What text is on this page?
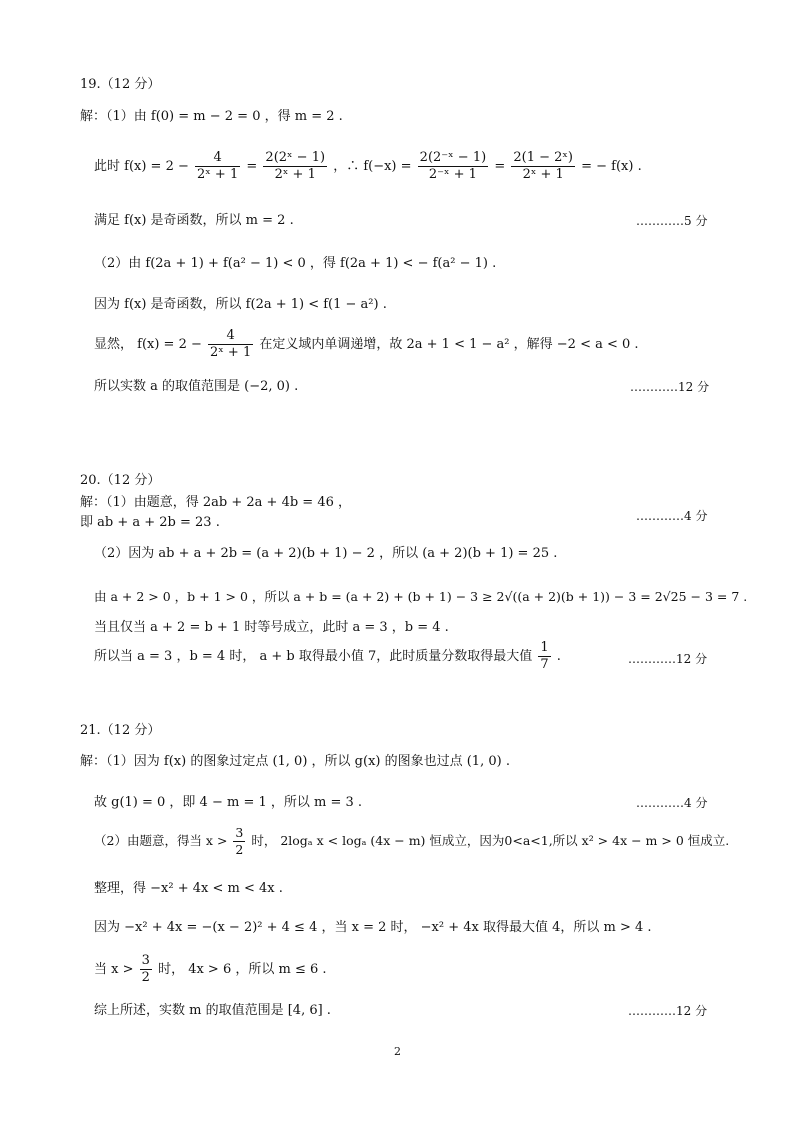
19.（12 分）
解：（1）由 f(0) = m − 2 = 0 ，得 m = 2 .
此时 $f(x) = 2 - \frac{4}{\text{2ˣ + 1}} = \frac{\text{2(2ˣ − 1)}}{\text{2ˣ + 1}}$ ，∴ $f(-x) = \frac{\text{2(2⁻ˣ − 1)}}{\text{2⁻ˣ + 1}} = \frac{\text{2(1 − 2ˣ)}}{\text{2ˣ + 1}}$ = − f(x) .
满足 f(x) 是奇函数，所以 m = 2 .	…………5 分
（2）由 f(2a + 1) + f(a² − 1) < 0 ，得 f(2a + 1) < − f(a² − 1) .
因为 f(x) 是奇函数，所以 f(2a + 1) < f(1 − a²) .
显然， $f(x) = 2 - \frac{4}{\text{2ˣ + 1}}$ 在定义域内单调递增，故 2a + 1 < 1 − a² ，解得 −2 < a < 0 .
所以实数 a 的取值范围是 (−2, 0) .	…………12 分
20.（12 分）
解：（1）由题意，得 2ab + 2a + 4b = 46 ，
即 ab + a + 2b = 23 .	…………4 分
（2）因为 ab + a + 2b = (a + 2)(b + 1) − 2 ，所以 (a + 2)(b + 1) = 25 .
由 a + 2 > 0 ，b + 1 > 0 ，所以 a + b = (a + 2) + (b + 1) − 3 ≥ 2√((a + 2)(b + 1)) − 3 = 2√25 − 3 = 7 .
当且仅当 a + 2 = b + 1 时等号成立，此时 a = 3 ，b = 4 .
所以当 a = 3 ，b = 4 时， a + b 取得最小值 7，此时质量分数取得最大值 $\frac{1}{7}$ .	…………12 分
21.（12 分）
解：（1）因为 f(x) 的图象过定点 (1, 0) ，所以 g(x) 的图象也过点 (1, 0) .
故 g(1) = 0 ，即 4 − m = 1 ，所以 m = 3 .	…………4 分
（2）由题意，得当 $x > \frac{3}{2}$ 时， 2logₐ x < logₐ (4x − m) 恒成立，因为0<a<1,所以 x² > 4x − m > 0 恒成立.
整理，得 −x² + 4x < m < 4x .
因为 −x² + 4x = −(x − 2)² + 4 ≤ 4 ，当 x = 2 时， −x² + 4x 取得最大值 4，所以 m > 4 .
当 $x > \frac{3}{2}$ 时， 4x > 6 ，所以 m ≤ 6 .
综上所述，实数 m 的取值范围是 [4, 6] .	…………12 分
2
